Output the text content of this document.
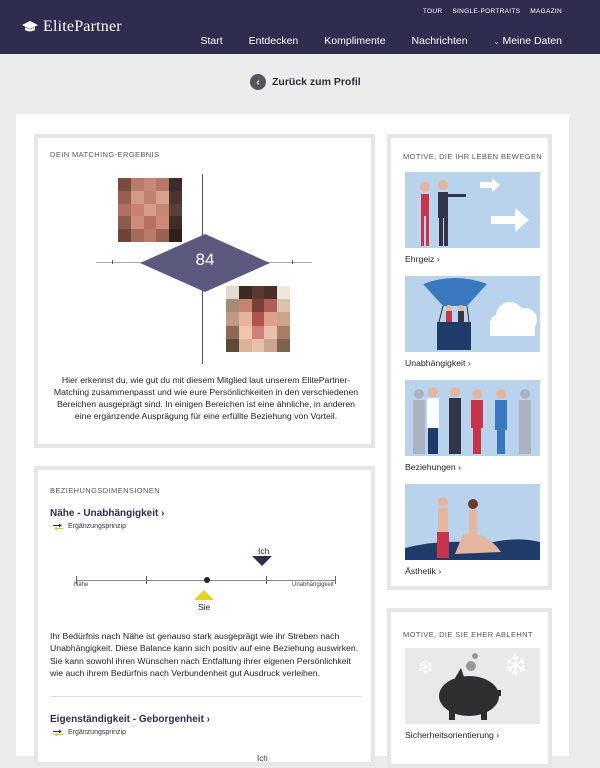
ElitePartner
TOUR SINGLE-PORTRAITS MAGAZIN
Start Entdecken Komplimente Nachrichten	⌄ Meine Daten
‹	Zurück zum Profil
DEIN MATCHING-ERGEBNIS
84
Hier erkennst du, wie gut du mit diesem Mitglied laut unserem ElitePartner-Matching zusammenpasst und wie eure Persönlichkeiten in den verschiedenen Bereichen ausgeprägt sind. In einigen Bereichen ist eine ähnliche, in anderen eine ergänzende Ausprägung für eine erfüllte Beziehung von Vorteil.
BEZIEHUNGSDIMENSIONEN
Nähe - Unabhängigkeit ›
Ergänzungsprinzip
Ich
Nähe	Unabhängigkeit
Sie
Ihr Bedürfnis nach Nähe ist genauso stark ausgeprägt wie ihr Streben nach Unabhängigkeit. Diese Balance kann sich positiv auf eine Beziehung auswirken. Sie kann sowohl ihren Wünschen nach Entfaltung ihrer eigenen Persönlichkeit wie auch ihrem Bedürfnis nach Verbundenheit gut Ausdruck verleihen.
Eigenständigkeit - Geborgenheit ›
Ergänzungsprinzip
Ich
MOTIVE, DIE IHR LEBEN BEWEGEN
Ehrgeiz ›
Unabhängigkeit ›
Beziehungen ›
Ästhetik ›
MOTIVE, DIE SIE EHER ABLEHNT
❄ ❄
Sicherheitsorientierung ›
